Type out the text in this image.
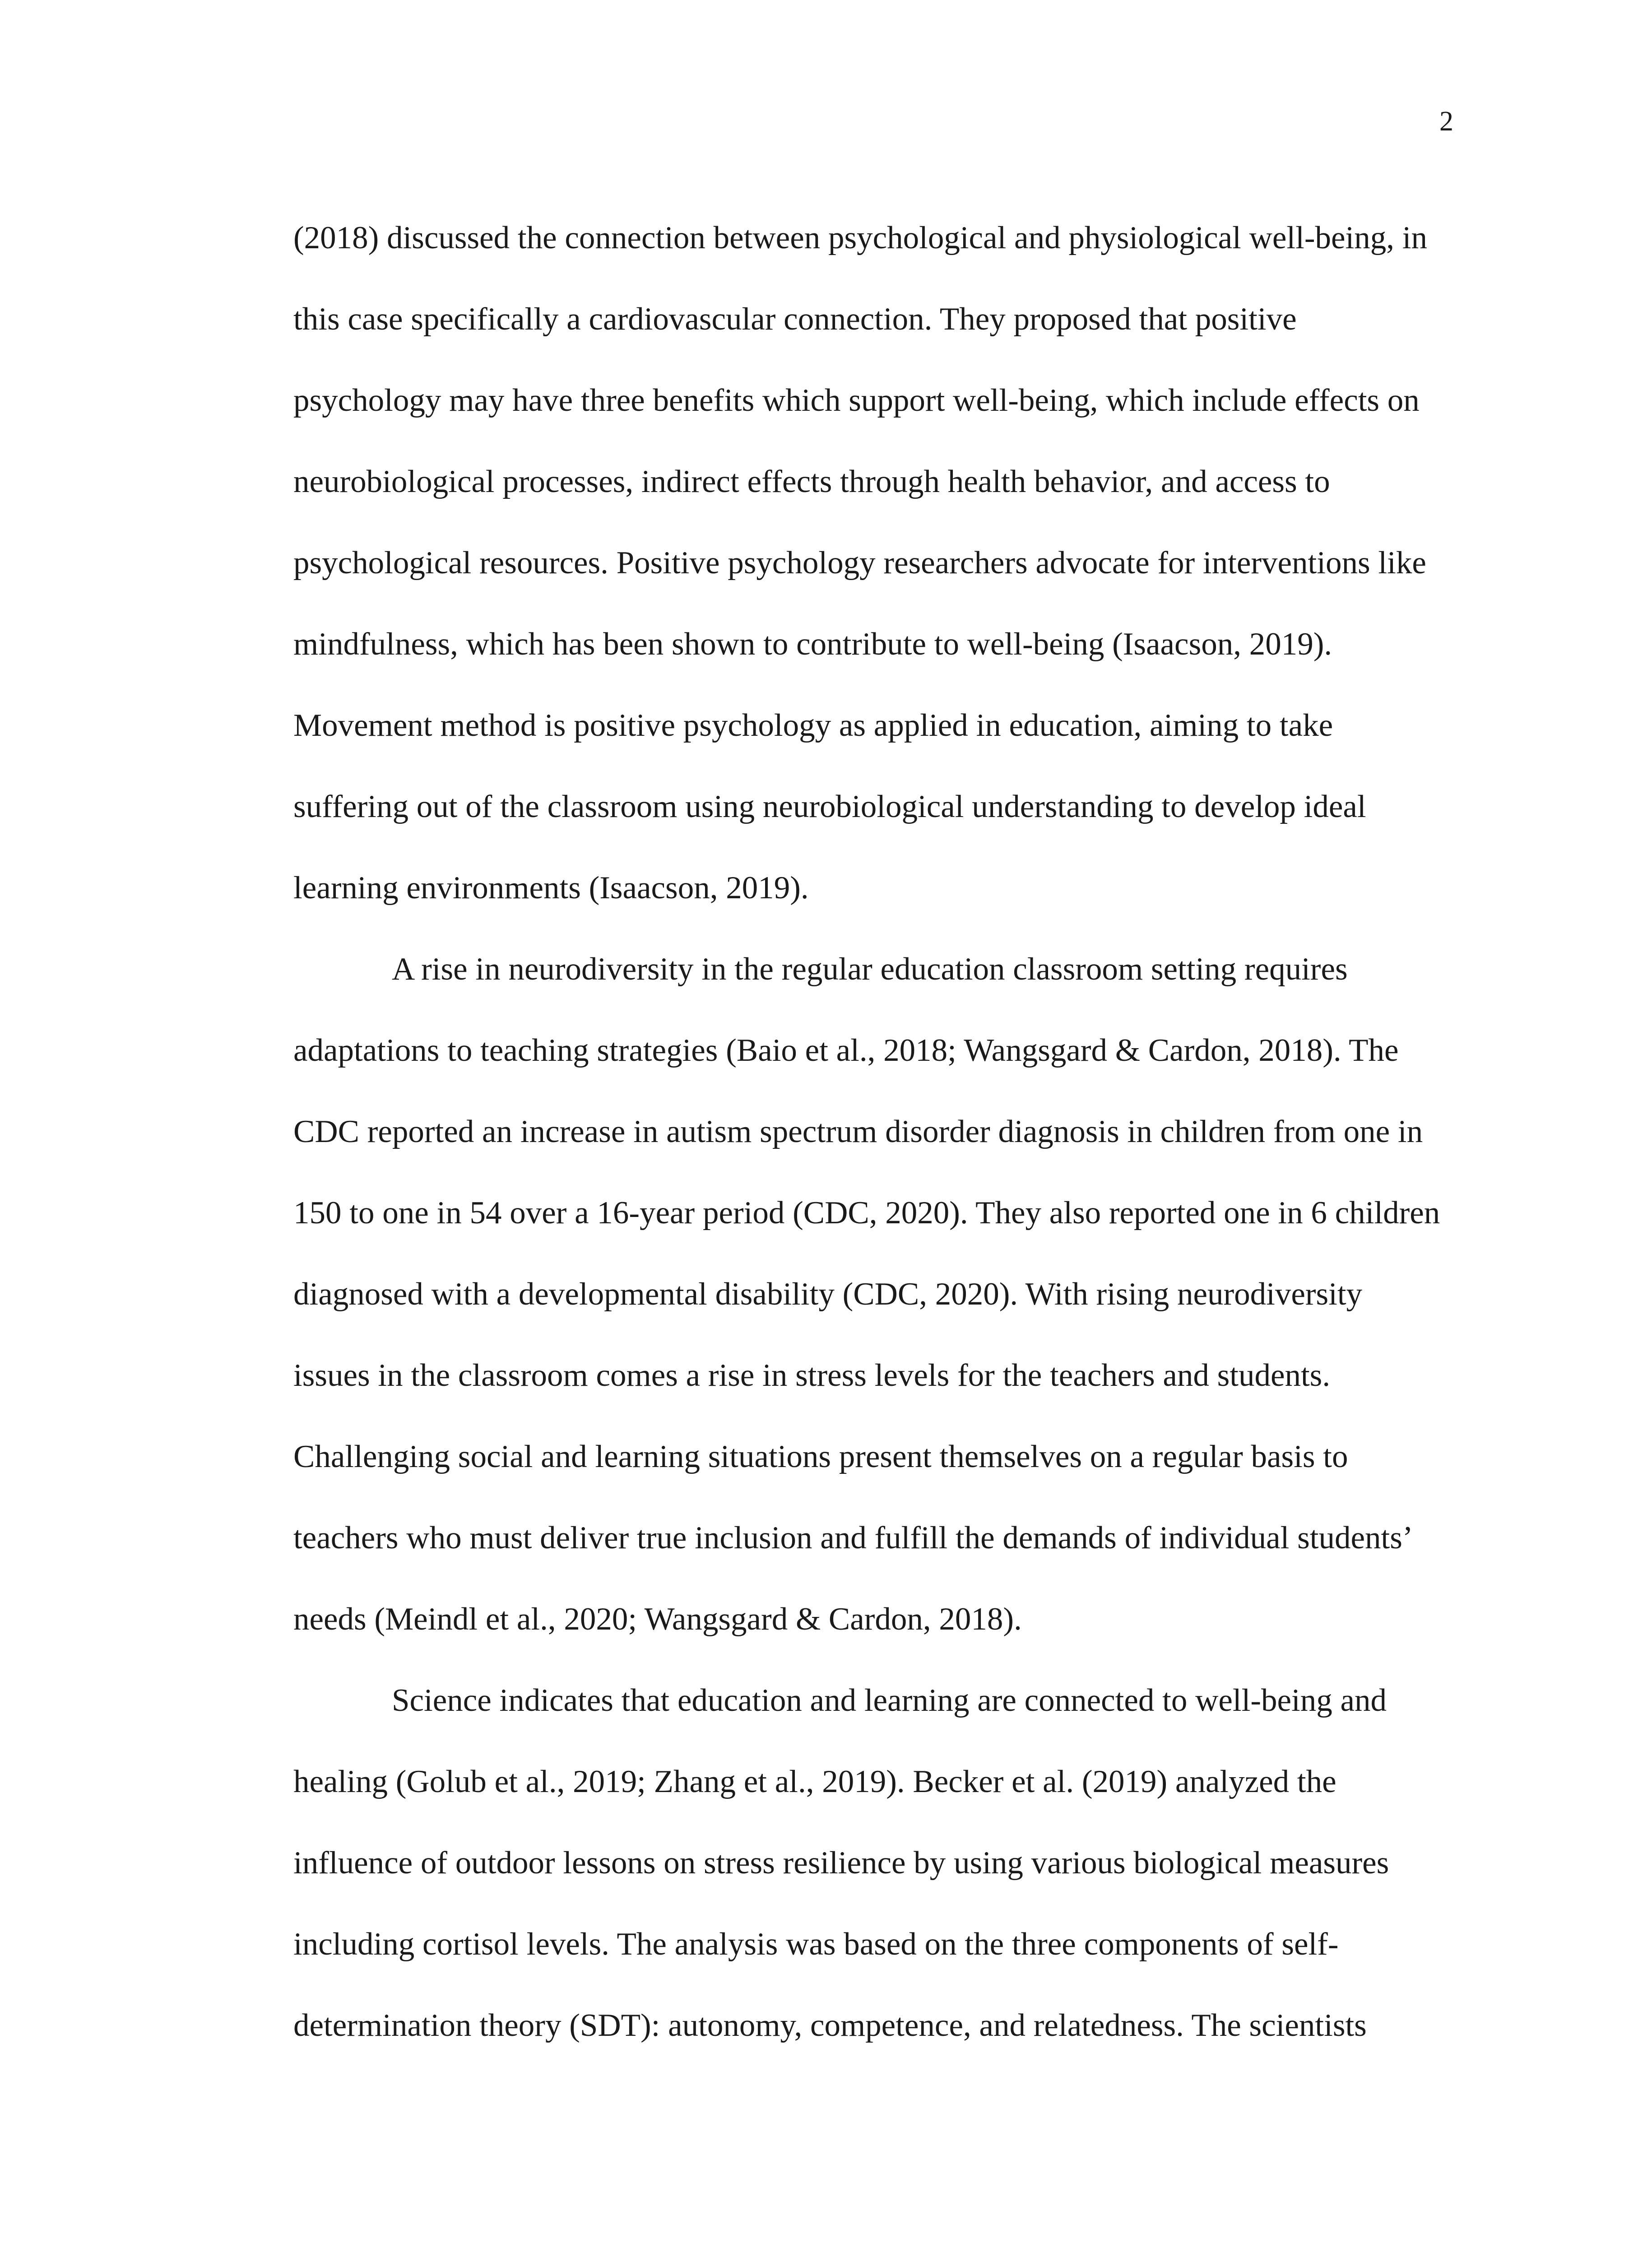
2
(2018) discussed the connection between psychological and physiological well-being, in
this case specifically a cardiovascular connection. They proposed that positive
psychology may have three benefits which support well-being, which include effects on
neurobiological processes, indirect effects through health behavior, and access to
psychological resources. Positive psychology researchers advocate for interventions like
mindfulness, which has been shown to contribute to well-being (Isaacson, 2019).
Movement method is positive psychology as applied in education, aiming to take
suffering out of the classroom using neurobiological understanding to develop ideal
learning environments (Isaacson, 2019).
A rise in neurodiversity in the regular education classroom setting requires
adaptations to teaching strategies (Baio et al., 2018; Wangsgard & Cardon, 2018). The
CDC reported an increase in autism spectrum disorder diagnosis in children from one in
150 to one in 54 over a 16-year period (CDC, 2020). They also reported one in 6 children
diagnosed with a developmental disability (CDC, 2020). With rising neurodiversity
issues in the classroom comes a rise in stress levels for the teachers and students.
Challenging social and learning situations present themselves on a regular basis to
teachers who must deliver true inclusion and fulfill the demands of individual students’
needs (Meindl et al., 2020; Wangsgard & Cardon, 2018).
Science indicates that education and learning are connected to well-being and
healing (Golub et al., 2019; Zhang et al., 2019). Becker et al. (2019) analyzed the
influence of outdoor lessons on stress resilience by using various biological measures
including cortisol levels. The analysis was based on the three components of self-
determination theory (SDT): autonomy, competence, and relatedness. The scientists
